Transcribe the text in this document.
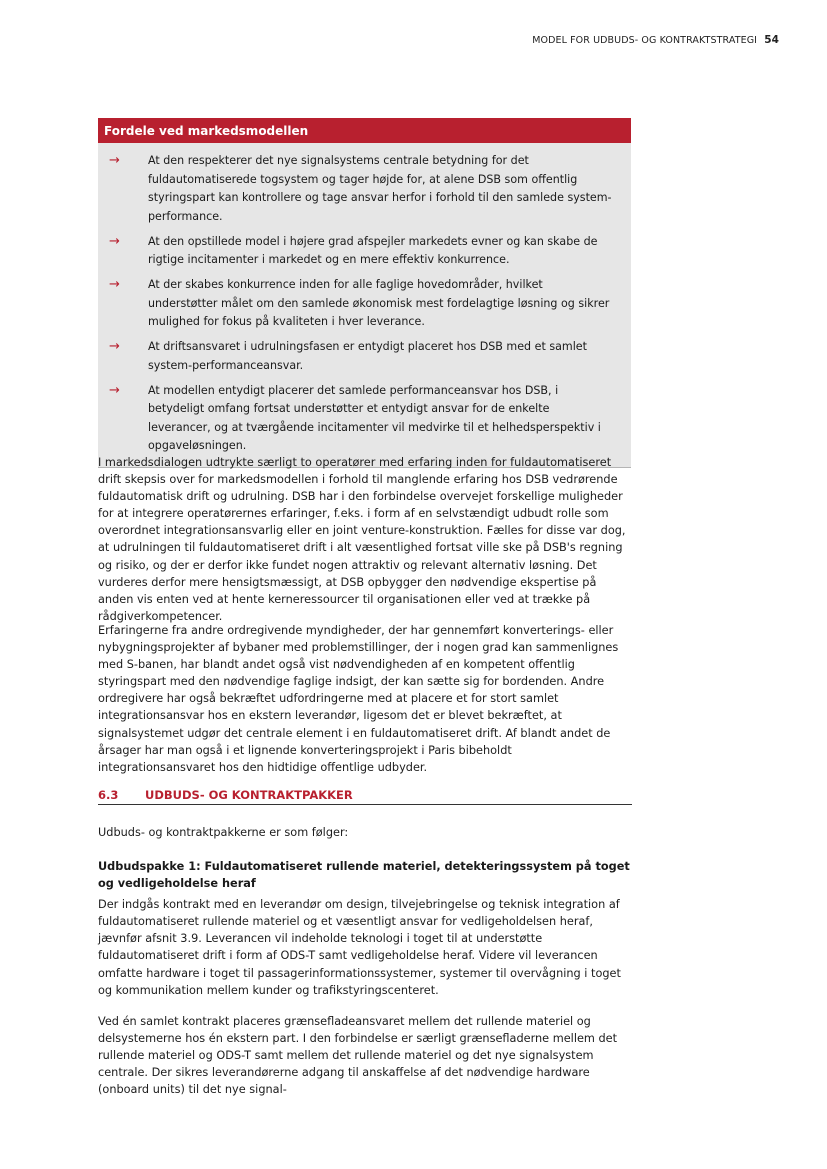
MODEL FOR UDBUDS- OG KONTRAKTSTRATEGI 54
Fordele ved markedsmodellen
→	At den respekterer det nye signalsystems centrale betydning for det fuldautomatiserede togsystem og tager højde for, at alene DSB som offentlig styringspart kan kontrollere og tage ansvar herfor i forhold til den samlede system-performance.
→	At den opstillede model i højere grad afspejler markedets evner og kan skabe de rigtige incitamenter i markedet og en mere effektiv konkurrence.
→	At der skabes konkurrence inden for alle faglige hovedområder, hvilket understøtter målet om den samlede økonomisk mest fordelagtige løsning og sikrer mulighed for fokus på kvaliteten i hver leverance.
→	At driftsansvaret i udrulningsfasen er entydigt placeret hos DSB med et samlet system-performanceansvar.
→	At modellen entydigt placerer det samlede performanceansvar hos DSB, i betydeligt omfang fortsat understøtter et entydigt ansvar for de enkelte leverancer, og at tværgående incitamenter vil medvirke til et helhedsperspektiv i opgaveløsningen.

I markedsdialogen udtrykte særligt to operatører med erfaring inden for fuldautomatiseret drift skepsis over for markedsmodellen i forhold til manglende erfaring hos DSB vedrørende fuldautomatisk drift og udrulning. DSB har i den forbindelse overvejet forskellige muligheder for at integrere operatørernes erfaringer, f.eks. i form af en selvstændigt udbudt rolle som overordnet integrationsansvarlig eller en joint venture-konstruktion. Fælles for disse var dog, at udrulningen til fuldautomatiseret drift i alt væsentlighed fortsat ville ske på DSB's regning og risiko, og der er derfor ikke fundet nogen attraktiv og relevant alternativ løsning. Det vurderes derfor mere hensigtsmæssigt, at DSB opbygger den nødvendige ekspertise på anden vis enten ved at hente kerneressourcer til organisationen eller ved at trække på rådgiverkompetencer.

Erfaringerne fra andre ordregivende myndigheder, der har gennemført konverterings- eller nybygningsprojekter af bybaner med problemstillinger, der i nogen grad kan sammenlignes med S-banen, har blandt andet også vist nødvendigheden af en kompetent offentlig styringspart med den nødvendige faglige indsigt, der kan sætte sig for bordenden. Andre ordregivere har også bekræftet udfordringerne med at placere et for stort samlet integrationsansvar hos en ekstern leverandør, ligesom det er blevet bekræftet, at signalsystemet udgør det centrale element i en fuldautomatiseret drift. Af blandt andet de årsager har man også i et lignende konverteringsprojekt i Paris bibeholdt integrationsansvaret hos den hidtidige offentlige udbyder.

6.3 UDBUDS- OG KONTRAKTPAKKER

Udbuds- og kontraktpakkerne er som følger:

Udbudspakke 1: Fuldautomatiseret rullende materiel, detekteringssystem på toget og vedligeholdelse heraf

Der indgås kontrakt med en leverandør om design, tilvejebringelse og teknisk integration af fuldautomatiseret rullende materiel og et væsentligt ansvar for vedligeholdelsen heraf, jævnfør afsnit 3.9. Leverancen vil indeholde teknologi i toget til at understøtte fuldautomatiseret drift i form af ODS-T samt vedligeholdelse heraf. Videre vil leverancen omfatte hardware i toget til passagerinformationssystemer, systemer til overvågning i toget og kommunikation mellem kunder og trafikstyringscenteret.

Ved én samlet kontrakt placeres grænsefladeansvaret mellem det rullende materiel og delsystemerne hos én ekstern part. I den forbindelse er særligt grænsefladerne mellem det rullende materiel og ODS-T samt mellem det rullende materiel og det nye signalsystem centrale. Der sikres leverandørerne adgang til anskaffelse af det nødvendige hardware (onboard units) til det nye signal-
